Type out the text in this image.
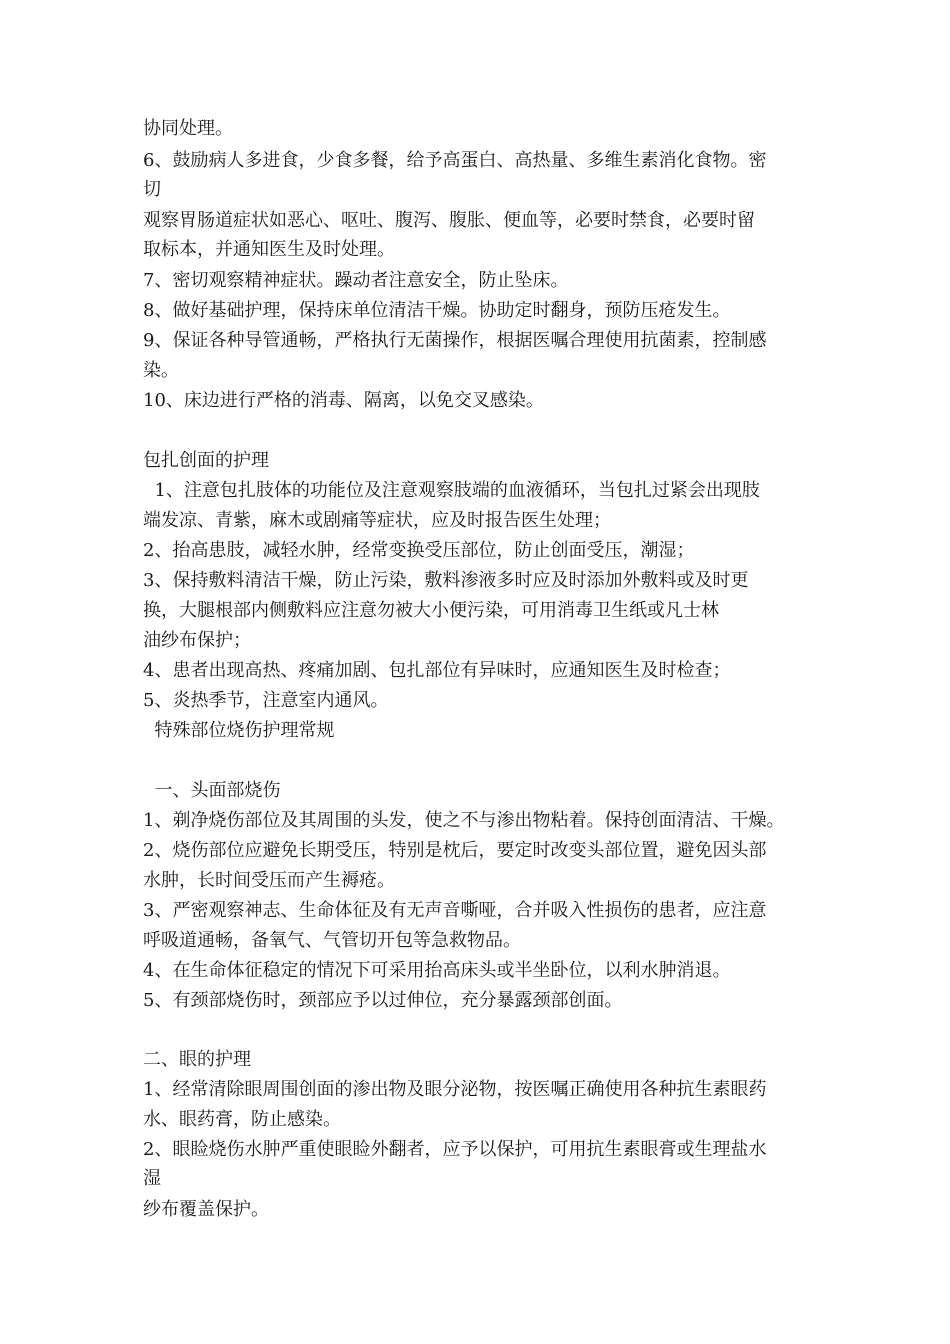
协同处理。
6、鼓励病人多进食，少食多餐，给予高蛋白、高热量、多维生素消化食物。密
切
观察胃肠道症状如恶心、呕吐、腹泻、腹胀、便血等，必要时禁食，必要时留
取标本，并通知医生及时处理。
7、密切观察精神症状。躁动者注意安全，防止坠床。
8、做好基础护理，保持床单位清洁干燥。协助定时翻身，预防压疮发生。
9、保证各种导管通畅，严格执行无菌操作，根据医嘱合理使用抗菌素，控制感
染。
10、床边进行严格的消毒、隔离，以免交叉感染。
包扎创面的护理
1、注意包扎肢体的功能位及注意观察肢端的血液循环，当包扎过紧会出现肢
端发凉、青紫，麻木或剧痛等症状，应及时报告医生处理；
2、抬高患肢，减轻水肿，经常变换受压部位，防止创面受压，潮湿；
3、保持敷料清洁干燥，防止污染，敷料渗液多时应及时添加外敷料或及时更
换，大腿根部内侧敷料应注意勿被大小便污染，可用消毒卫生纸或凡士林
油纱布保护；
4、患者出现高热、疼痛加剧、包扎部位有异味时，应通知医生及时检查；
5、炎热季节，注意室内通风。
特殊部位烧伤护理常规
一、头面部烧伤
1、剃净烧伤部位及其周围的头发，使之不与渗出物粘着。保持创面清洁、干燥。
2、烧伤部位应避免长期受压，特别是枕后，要定时改变头部位置，避免因头部
水肿，长时间受压而产生褥疮。
3、严密观察神志、生命体征及有无声音嘶哑，合并吸入性损伤的患者，应注意
呼吸道通畅，备氧气、气管切开包等急救物品。
4、在生命体征稳定的情况下可采用抬高床头或半坐卧位，以利水肿消退。
5、有颈部烧伤时，颈部应予以过伸位，充分暴露颈部创面。
二、眼的护理
1、经常清除眼周围创面的渗出物及眼分泌物，按医嘱正确使用各种抗生素眼药
水、眼药膏，防止感染。
2、眼睑烧伤水肿严重使眼睑外翻者，应予以保护，可用抗生素眼膏或生理盐水
湿
纱布覆盖保护。
